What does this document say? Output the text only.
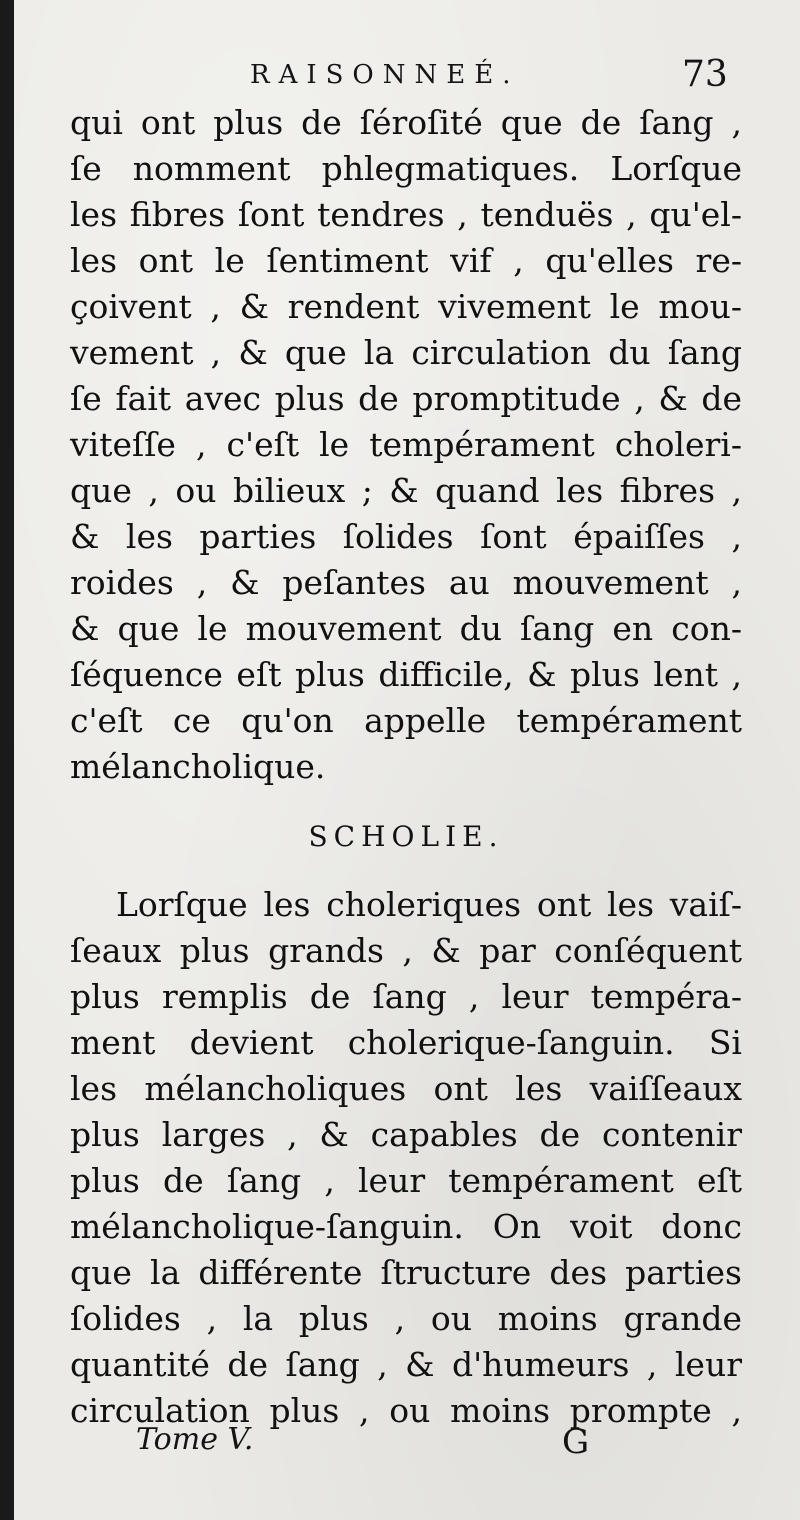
RAISONNEÉ.	73
qui ont plus de ſéroſité que de ſang ,
ſe nomment phlegmatiques. Lorſque
les fibres ſont tendres , tenduës , qu'el-
les ont le ſentiment vif , qu'elles re-
çoivent , & rendent vivement le mou-
vement , & que la circulation du ſang
ſe fait avec plus de promptitude , & de
viteſſe , c'eſt le tempérament choleri-
que , ou bilieux ; & quand les fibres ,
& les parties ſolides ſont épaiſſes ,
roides , & peſantes au mouvement ,
& que le mouvement du ſang en con-
ſéquence eſt plus difficile, & plus lent ,
c'eſt ce qu'on appelle tempérament
mélancholique.
SCHOLIE.
Lorſque les choleriques ont les vaiſ-
ſeaux plus grands , & par conſéquent
plus remplis de ſang , leur tempéra-
ment devient cholerique-ſanguin. Si
les mélancholiques ont les vaiſſeaux
plus larges , & capables de contenir
plus de ſang , leur tempérament eſt
mélancholique-ſanguin. On voit donc
que la différente ſtructure des parties
ſolides , la plus , ou moins grande
quantité de ſang , & d'humeurs , leur
circulation plus , ou moins prompte ,
Tome V.	G
